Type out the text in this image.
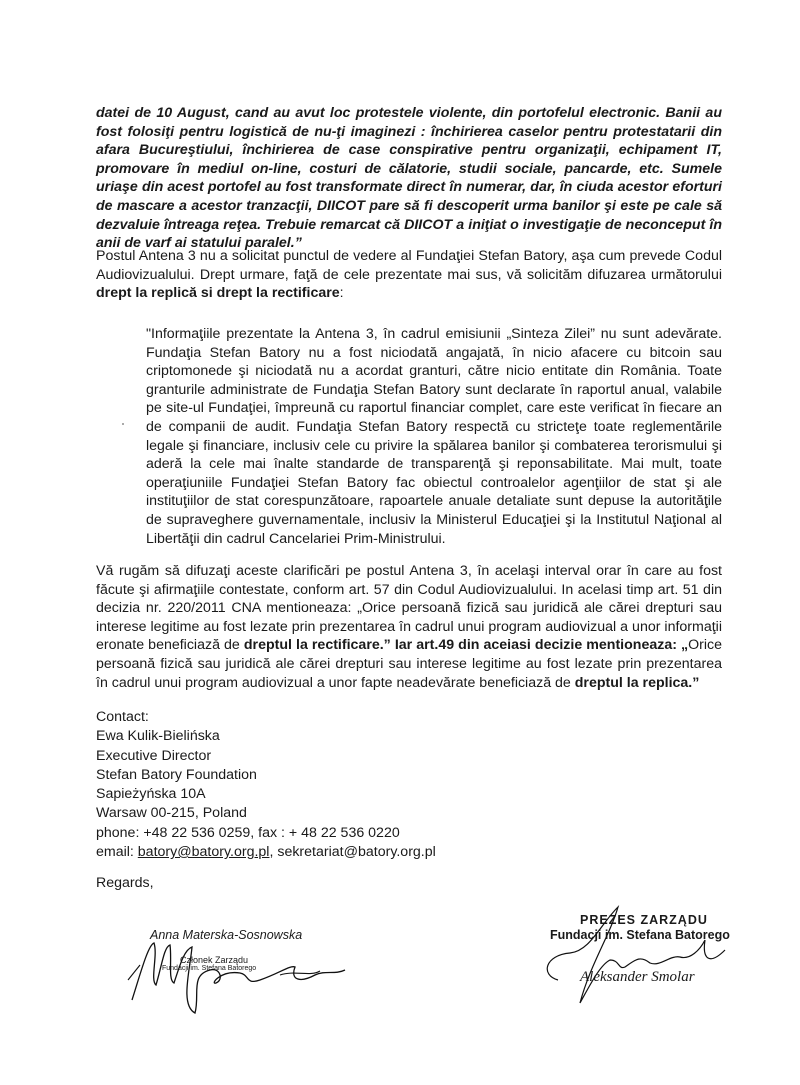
datei de 10 August, cand au avut loc protestele violente, din portofelul electronic. Banii au fost folosiţi pentru logistică de nu-ţi imaginezi : închirierea caselor pentru protestatarii din afara Bucureştiului, închirierea de case conspirative pentru organizaţii, echipament IT, promovare în mediul on-line, costuri de călatorie, studii sociale, pancarde, etc. Sumele uriaşe din acest portofel au fost transformate direct în numerar, dar, în ciuda acestor eforturi de mascare a acestor tranzacţii, DIICOT pare să fi descoperit urma banilor şi este pe cale să dezvaluie întreaga reţea. Trebuie remarcat că DIICOT a iniţiat o investigaţie de neconceput în anii de varf ai statului paralel.”
Postul Antena 3 nu a solicitat punctul de vedere al Fundaţiei Stefan Batory, aşa cum prevede Codul Audiovizualului. Drept urmare, faţă de cele prezentate mai sus, vă solicităm difuzarea următorului drept la replică si drept la rectificare:
"Informaţiile prezentate la Antena 3, în cadrul emisiunii „Sinteza Zilei” nu sunt adevărate. Fundaţia Stefan Batory nu a fost niciodată angajată, în nicio afacere cu bitcoin sau criptomonede şi niciodată nu a acordat granturi, către nicio entitate din România. Toate granturile administrate de Fundaţia Stefan Batory sunt declarate în raportul anual, valabile pe site-ul Fundaţiei, împreună cu raportul financiar complet, care este verificat în fiecare an de companii de audit. Fundaţia Stefan Batory respectă cu stricteţe toate reglementările legale şi financiare, inclusiv cele cu privire la spălarea banilor şi combaterea terorismului şi aderă la cele mai înalte standarde de transparenţă şi reponsabilitate. Mai mult, toate operaţiuniile Fundaţiei Stefan Batory fac obiectul controalelor agenţiilor de stat şi ale instituţiilor de stat corespunzătoare, rapoartele anuale detaliate sunt depuse la autorităţile de supraveghere guvernamentale, inclusiv la Ministerul Educaţiei şi la Institutul Naţional al Libertăţii din cadrul Cancelariei Prim-Ministrului.
Vă rugăm să difuzaţi aceste clarificări pe postul Antena 3, în acelaşi interval orar în care au fost făcute şi afirmaţiile contestate, conform art. 57 din Codul Audiovizualului. In acelasi timp art. 51 din decizia nr. 220/2011 CNA mentioneaza: „Orice persoană fizică sau juridică ale cărei drepturi sau interese legitime au fost lezate prin prezentarea în cadrul unui program audiovizual a unor informaţii eronate beneficiază de dreptul la rectificare.” Iar art.49 din aceiasi decizie mentioneaza: „Orice persoană fizică sau juridică ale cărei drepturi sau interese legitime au fost lezate prin prezentarea în cadrul unui program audiovizual a unor fapte neadevărate beneficiază de dreptul la replica.”
Contact:
Ewa Kulik-Bielińska
Executive Director
Stefan Batory Foundation
Sapieżyńska 10A
Warsaw 00-215, Poland
phone: +48 22 536 0259, fax : + 48 22 536 0220
email: batory@batory.org.pl, sekretariat@batory.org.pl
Regards,
Anna Materska-Sosnowska
Członek Zarządu
Fundacji im. Stefana Batorego
PREZES ZARZĄDU
Fundacji im. Stefana Batorego
Aleksander Smolar
